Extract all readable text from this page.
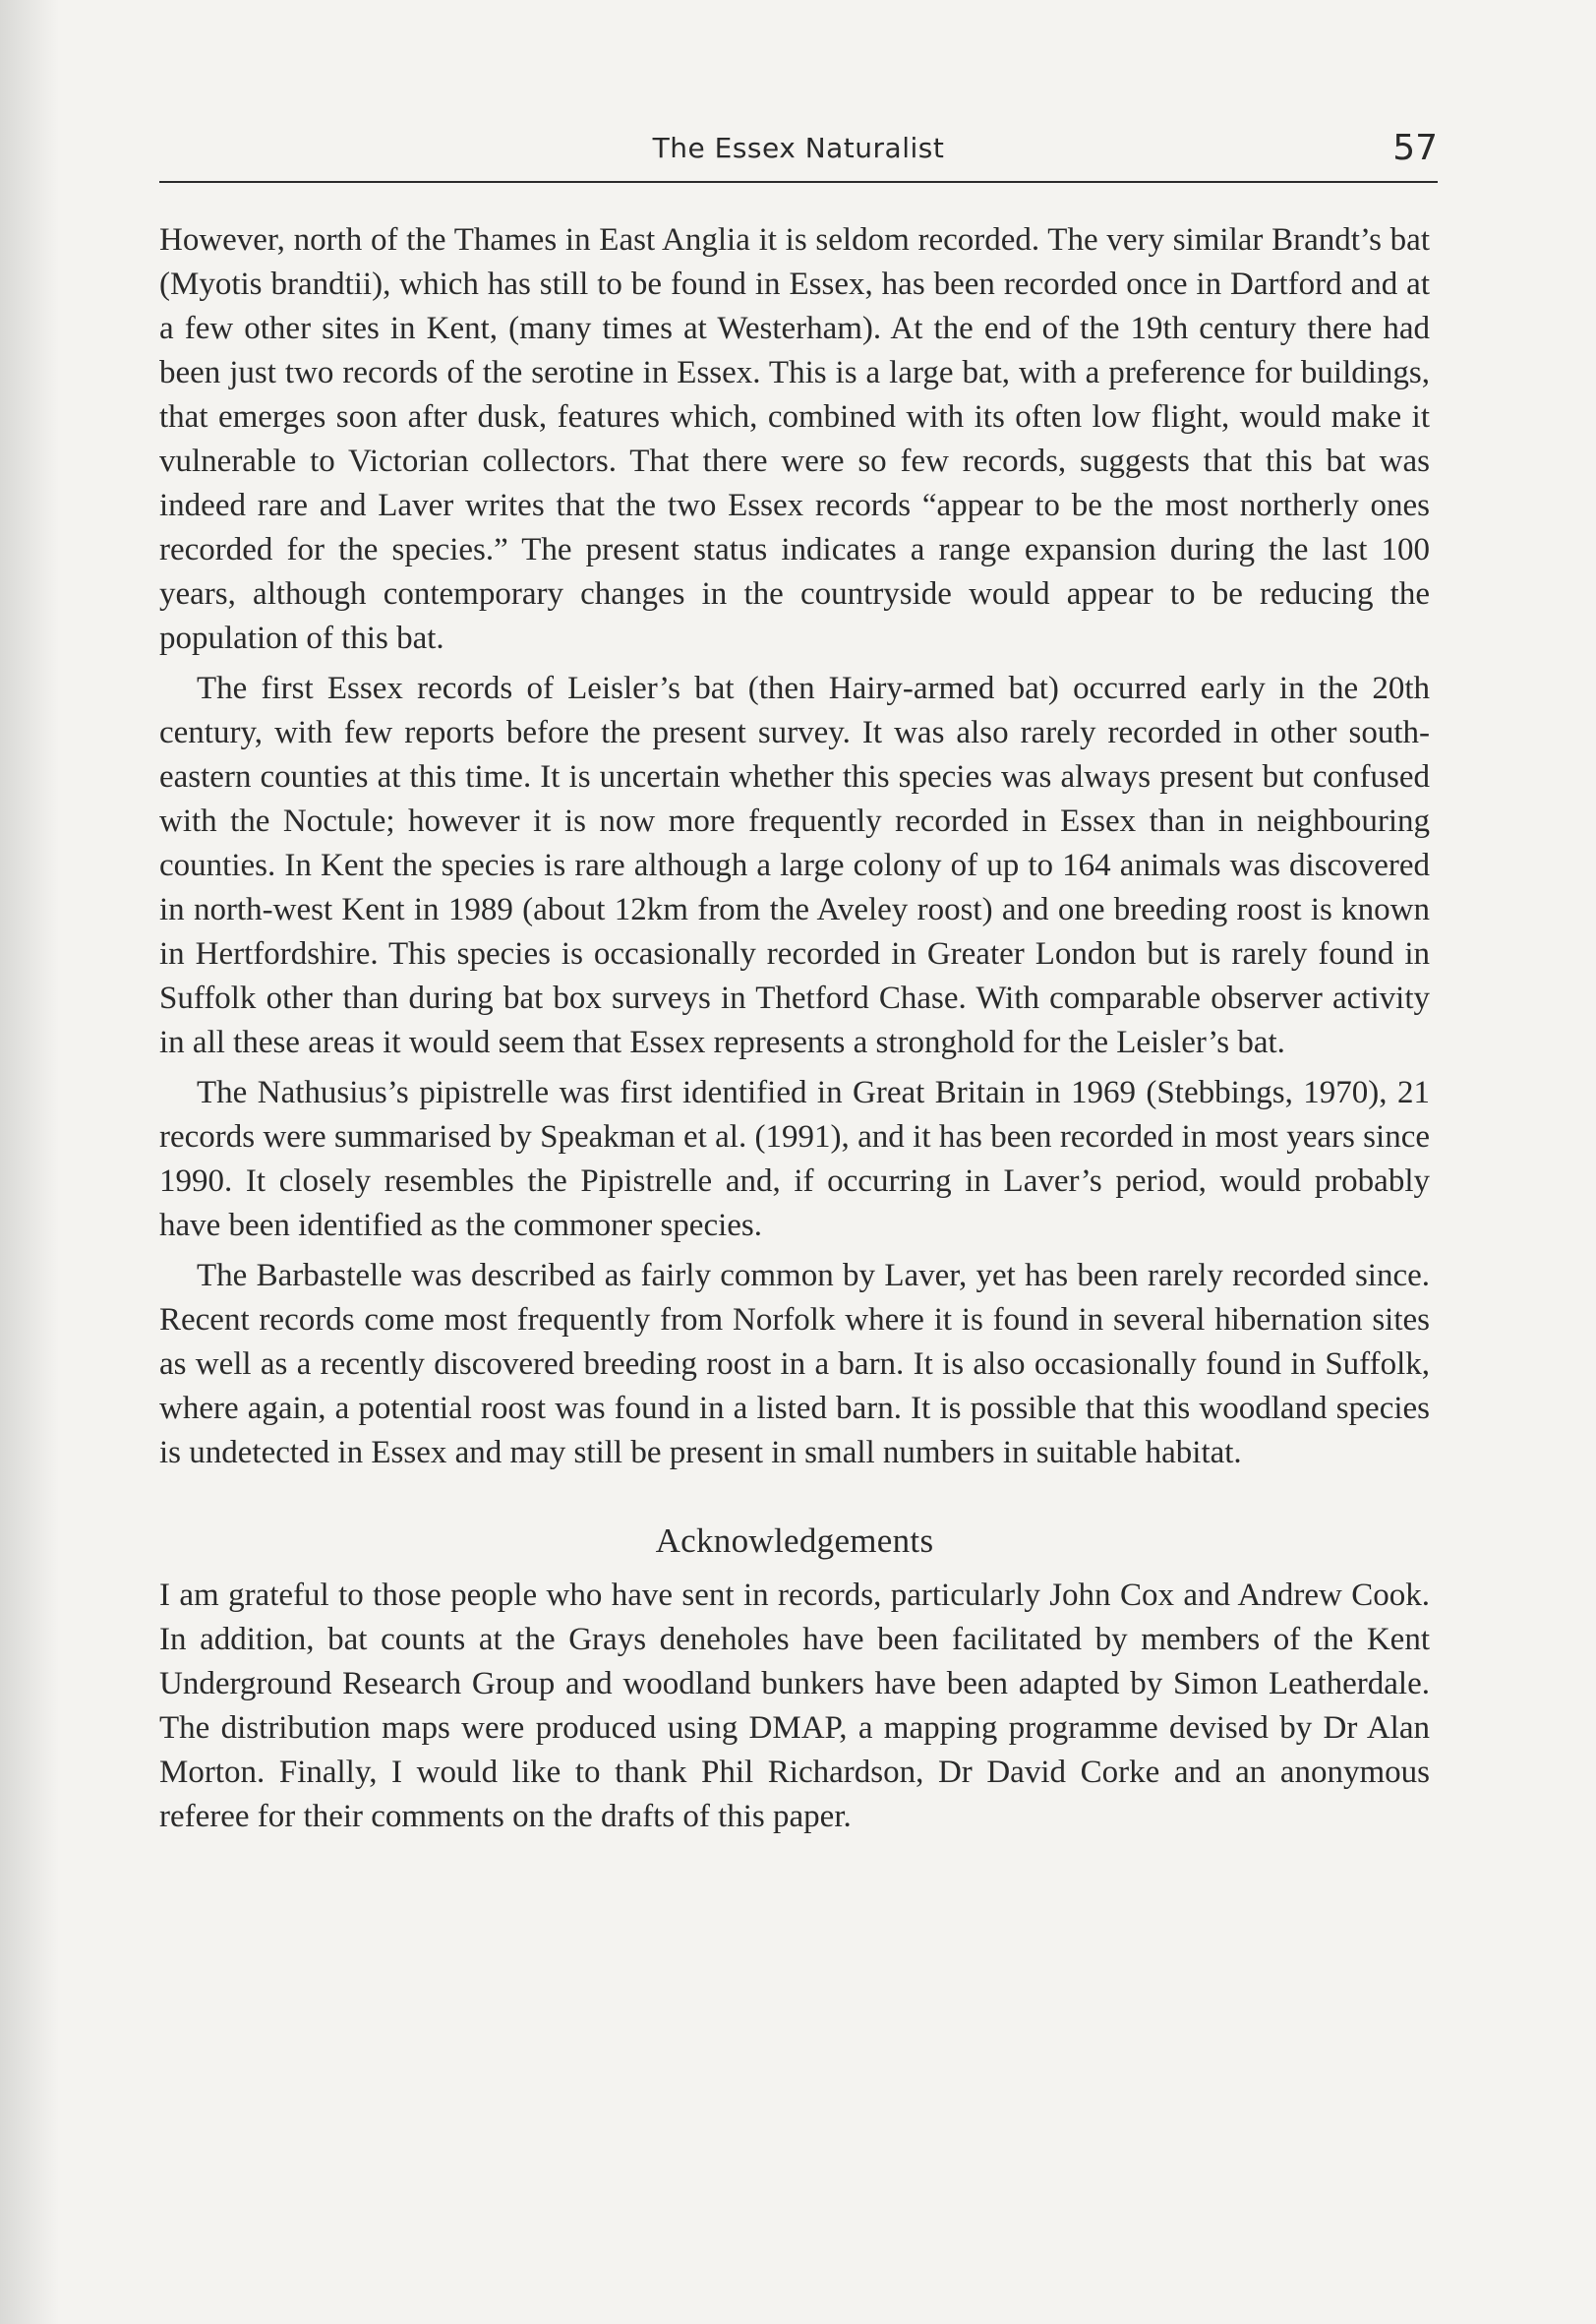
The Essex Naturalist	57

However, north of the Thames in East Anglia it is seldom recorded. The very similar Brandt’s bat (Myotis brandtii), which has still to be found in Essex, has been recorded once in Dartford and at a few other sites in Kent, (many times at Westerham). At the end of the 19th century there had been just two records of the serotine in Essex. This is a large bat, with a preference for buildings, that emerges soon after dusk, features which, combined with its often low flight, would make it vulnerable to Victorian collectors. That there were so few records, suggests that this bat was indeed rare and Laver writes that the two Essex records “appear to be the most northerly ones recorded for the species.” The present status indicates a range expansion during the last 100 years, although contemporary changes in the countryside would appear to be reducing the population of this bat.

The first Essex records of Leisler’s bat (then Hairy-armed bat) occurred early in the 20th century, with few reports before the present survey. It was also rarely recorded in other south-eastern counties at this time. It is uncertain whether this species was always present but confused with the Noctule; however it is now more frequently recorded in Essex than in neighbouring counties. In Kent the species is rare although a large colony of up to 164 animals was discovered in north-west Kent in 1989 (about 12km from the Aveley roost) and one breeding roost is known in Hertfordshire. This species is occasionally recorded in Greater London but is rarely found in Suffolk other than during bat box surveys in Thetford Chase. With comparable observer activity in all these areas it would seem that Essex represents a stronghold for the Leisler’s bat.

The Nathusius’s pipistrelle was first identified in Great Britain in 1969 (Stebbings, 1970), 21 records were summarised by Speakman et al. (1991), and it has been recorded in most years since 1990. It closely resembles the Pipistrelle and, if occurring in Laver’s period, would probably have been identified as the commoner species.

The Barbastelle was described as fairly common by Laver, yet has been rarely recorded since. Recent records come most frequently from Norfolk where it is found in several hibernation sites as well as a recently discovered breeding roost in a barn. It is also occasionally found in Suffolk, where again, a potential roost was found in a listed barn. It is possible that this woodland species is undetected in Essex and may still be present in small numbers in suitable habitat.

Acknowledgements

I am grateful to those people who have sent in records, particularly John Cox and Andrew Cook. In addition, bat counts at the Grays deneholes have been facilitated by members of the Kent Underground Research Group and woodland bunkers have been adapted by Simon Leatherdale. The distribution maps were produced using DMAP, a mapping programme devised by Dr Alan Morton. Finally, I would like to thank Phil Richardson, Dr David Corke and an anonymous referee for their comments on the drafts of this paper.
